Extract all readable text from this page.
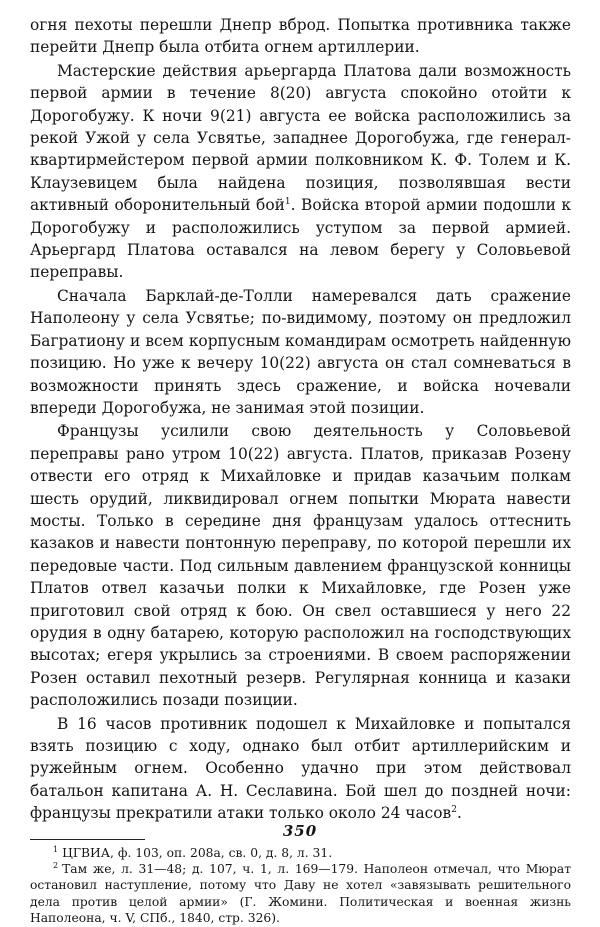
огня пехоты перешли Днепр вброд. Попытка противника также перейти Днепр была отбита огнем артиллерии.

Мастерские действия арьергарда Платова дали возможность первой армии в течение 8(20) августа спокойно отойти к Дорогобужу. К ночи 9(21) августа ее войска расположились за рекой Ужой у села Усвятье, западнее Дорогобужа, где генерал-квартирмейстером первой армии полковником К. Ф. Толем и К. Клаузевицем была найдена позиция, позволявшая вести активный оборонительный бой$^1$. Войска второй армии подошли к Дорогобужу и расположились уступом за первой армией. Арьергард Платова оставался на левом берегу у Соловьевой переправы.

Сначала Барклай-де-Толли намеревался дать сражение Наполеону у села Усвятье; по-видимому, поэтому он предложил Багратиону и всем корпусным командирам осмотреть найденную позицию. Но уже к вечеру 10(22) августа он стал сомневаться в возможности принять здесь сражение, и войска ночевали впереди Дорогобужа, не занимая этой позиции.

Французы усилили свою деятельность у Соловьевой переправы рано утром 10(22) августа. Платов, приказав Розену отвести его отряд к Михайловке и придав казачьим полкам шесть орудий, ликвидировал огнем попытки Мюрата навести мосты. Только в середине дня французам удалось оттеснить казаков и навести понтонную переправу, по которой перешли их передовые части. Под сильным давлением французской конницы Платов отвел казачьи полки к Михайловке, где Розен уже приготовил свой отряд к бою. Он свел оставшиеся у него 22 орудия в одну батарею, которую расположил на господствующих высотах; егеря укрылись за строениями. В своем распоряжении Розен оставил пехотный резерв. Регулярная конница и казаки расположились позади позиции.

В 16 часов противник подошел к Михайловке и попытался взять позицию с ходу, однако был отбит артиллерийским и ружейным огнем. Особенно удачно при этом действовал батальон капитана А. Н. Сеславина. Бой шел до поздней ночи: французы прекратили атаки только около 24 часов$^2$.

$^1$ ЦГВИА, ф. 103, оп. 208а, св. 0, д. 8, л. 31.

$^2$ Там же, л. 31—48; д. 107, ч. 1, л. 169—179. Наполеон отмечал, что Мюрат остановил наступление, потому что Даву не хотел «завязывать решительного дела против целой армии» (Г. Жомини. Политическая и военная жизнь Наполеона, ч. V, СПб., 1840, стр. 326).

350
